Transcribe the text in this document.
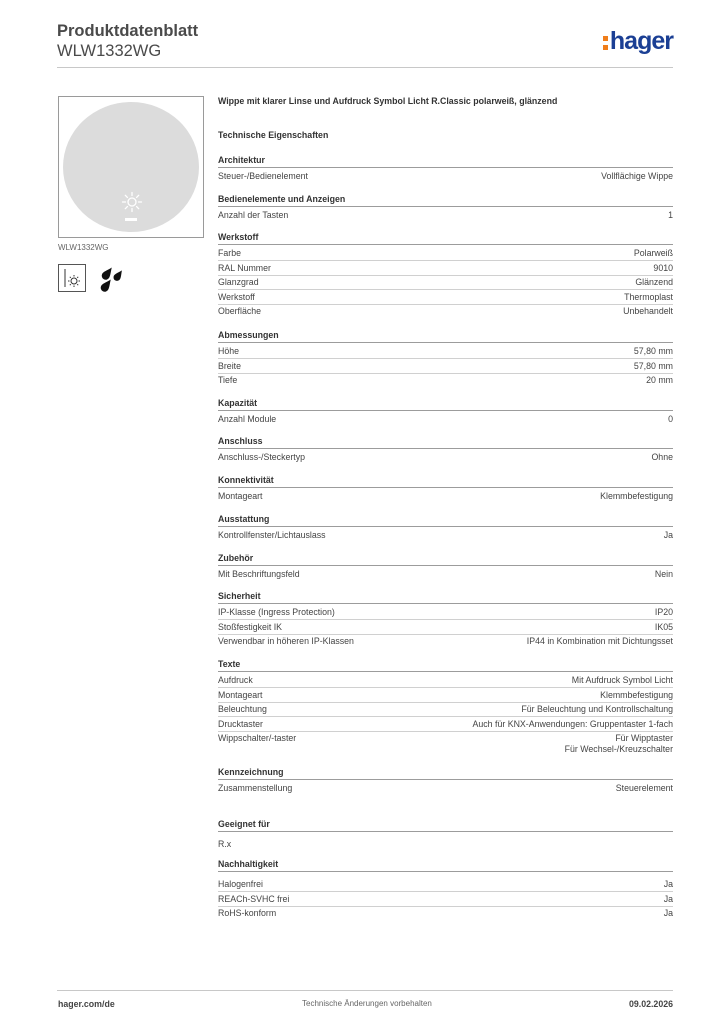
Produktdatenblatt
WLW1332WG	hager
WLW1332WG
Wippe mit klarer Linse und Aufdruck Symbol Licht R.Classic polarweiß, glänzend
Technische Eigenschaften
Architektur
Steuer-/Bedienelement	Vollflächige Wippe
Bedienelemente und Anzeigen
Anzahl der Tasten	1
Werkstoff
Farbe	Polarweiß
RAL Nummer	9010
Glanzgrad	Glänzend
Werkstoff	Thermoplast
Oberfläche	Unbehandelt
Abmessungen
Höhe	57,80 mm
Breite	57,80 mm
Tiefe	20 mm
Kapazität
Anzahl Module	0
Anschluss
Anschluss-/Steckertyp	Ohne
Konnektivität
Montageart	Klemmbefestigung
Ausstattung
Kontrollfenster/Lichtauslass	Ja
Zubehör
Mit Beschriftungsfeld	Nein
Sicherheit
IP-Klasse (Ingress Protection)	IP20
Stoßfestigkeit IK	IK05
Verwendbar in höheren IP-Klassen	IP44 in Kombination mit Dichtungsset
Texte
Aufdruck	Mit Aufdruck Symbol Licht
Montageart	Klemmbefestigung
Beleuchtung	Für Beleuchtung und Kontrollschaltung
Drucktaster	Auch für KNX-Anwendungen: Gruppentaster 1-fach
Wippschalter/-taster	Für Wipptaster
Für Wechsel-/Kreuzschalter
Kennzeichnung
Zusammenstellung	Steuerelement
Geeignet für
R.x
Nachhaltigkeit
Halogenfrei	Ja
REACh-SVHC frei	Ja
RoHS-konform	Ja
hager.com/de	Technische Änderungen vorbehalten	09.02.2026
